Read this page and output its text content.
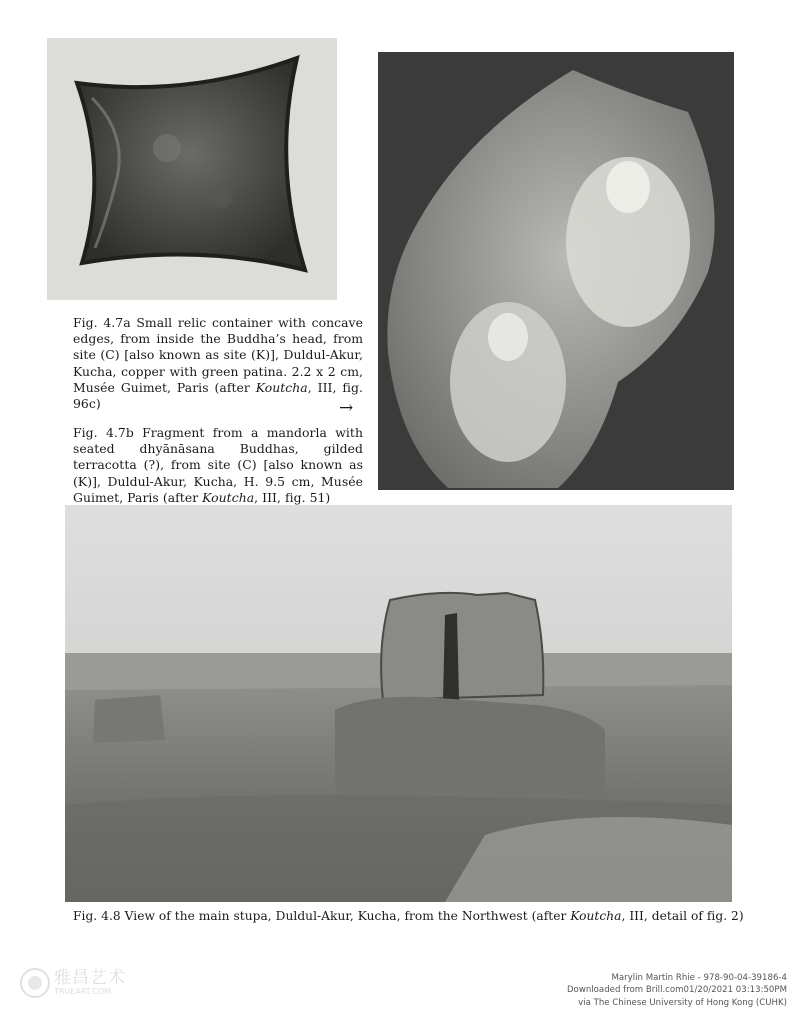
Fig. 4.7a Small relic container with concave edges, from inside the Buddha’s head, from site (C) [also known as site (K)], Duldul-Akur, Kucha, copper with green patina. 2.2 x 2 cm, Musée Guimet, Paris (after Koutcha, III, fig. 96c)	→
Fig. 4.7b Fragment from a mandorla with seated dhyānāsana Buddhas, gilded terracotta (?), from site (C) [also known as (K)], Duldul-Akur, Kucha, H. 9.5 cm, Musée Guimet, Paris (after Koutcha, III, fig. 51)
Fig. 4.8 View of the main stupa, Duldul-Akur, Kucha, from the Northwest (after Koutcha, III, detail of fig. 2)
雅昌艺术
TRUEART.COM
Marylin Martin Rhie - 978-90-04-39186-4
Downloaded from Brill.com01/20/2021 03:13:50PM
via The Chinese University of Hong Kong (CUHK)
